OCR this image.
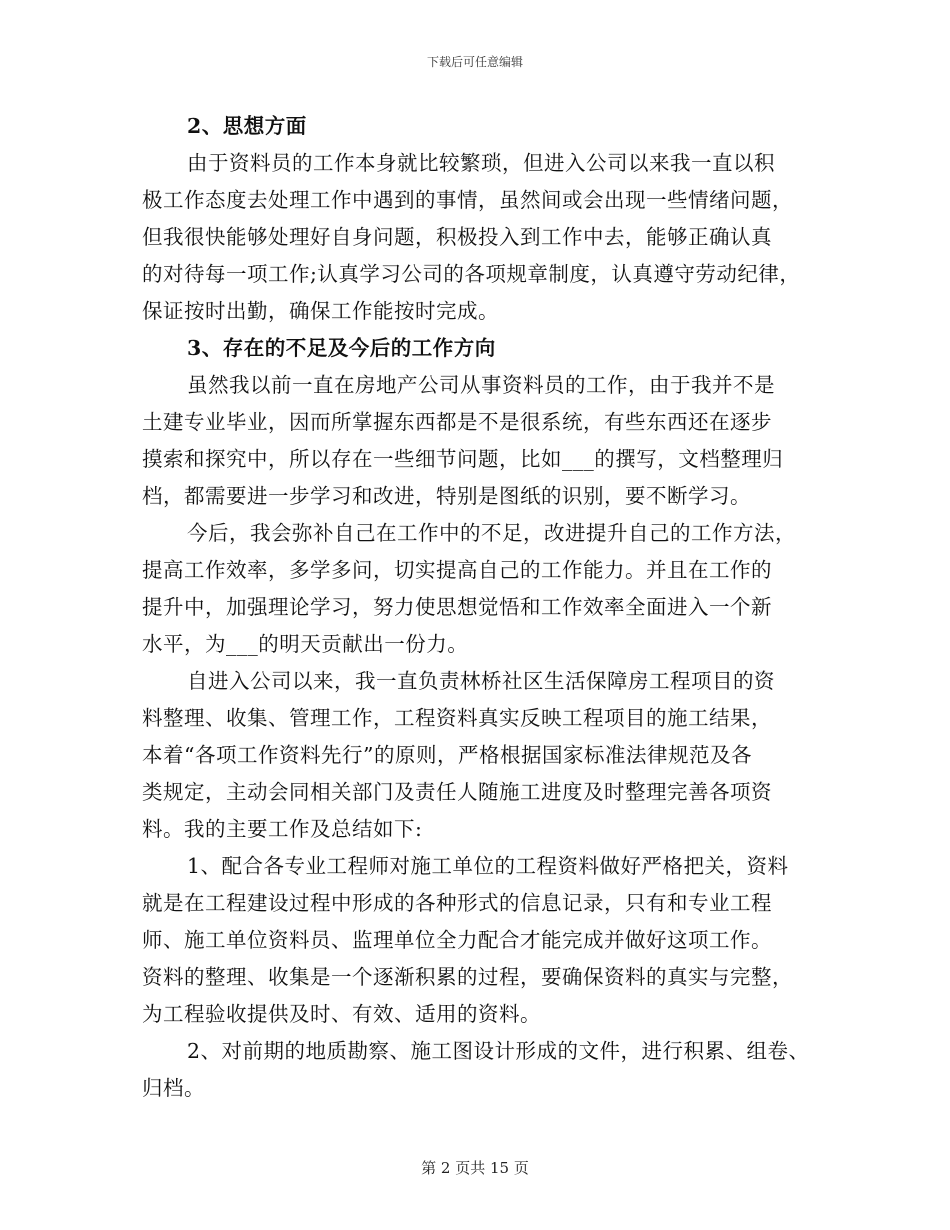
下载后可任意编辑
2、思想方面
由于资料员的工作本身就比较繁琐，但进入公司以来我一直以积
极工作态度去处理工作中遇到的事情，虽然间或会出现一些情绪问题，
但我很快能够处理好自身问题，积极投入到工作中去，能够正确认真
的对待每一项工作;认真学习公司的各项规章制度，认真遵守劳动纪律，
保证按时出勤，确保工作能按时完成。
3、存在的不足及今后的工作方向
虽然我以前一直在房地产公司从事资料员的工作，由于我并不是
土建专业毕业，因而所掌握东西都是不是很系统，有些东西还在逐步
摸索和探究中，所以存在一些细节问题，比如___的撰写，文档整理归
档，都需要进一步学习和改进，特别是图纸的识别，要不断学习。
今后，我会弥补自己在工作中的不足，改进提升自己的工作方法，
提高工作效率，多学多问，切实提高自己的工作能力。并且在工作的
提升中，加强理论学习，努力使思想觉悟和工作效率全面进入一个新
水平，为___的明天贡献出一份力。
自进入公司以来，我一直负责林桥社区生活保障房工程项目的资
料整理、收集、管理工作，工程资料真实反映工程项目的施工结果，
本着“各项工作资料先行”的原则，严格根据国家标准法律规范及各
类规定，主动会同相关部门及责任人随施工进度及时整理完善各项资
料。我的主要工作及总结如下:
1、配合各专业工程师对施工单位的工程资料做好严格把关，资料
就是在工程建设过程中形成的各种形式的信息记录，只有和专业工程
师、施工单位资料员、监理单位全力配合才能完成并做好这项工作。
资料的整理、收集是一个逐渐积累的过程，要确保资料的真实与完整，
为工程验收提供及时、有效、适用的资料。
2、对前期的地质勘察、施工图设计形成的文件，进行积累、组卷、
归档。
第 2 页共 15 页
